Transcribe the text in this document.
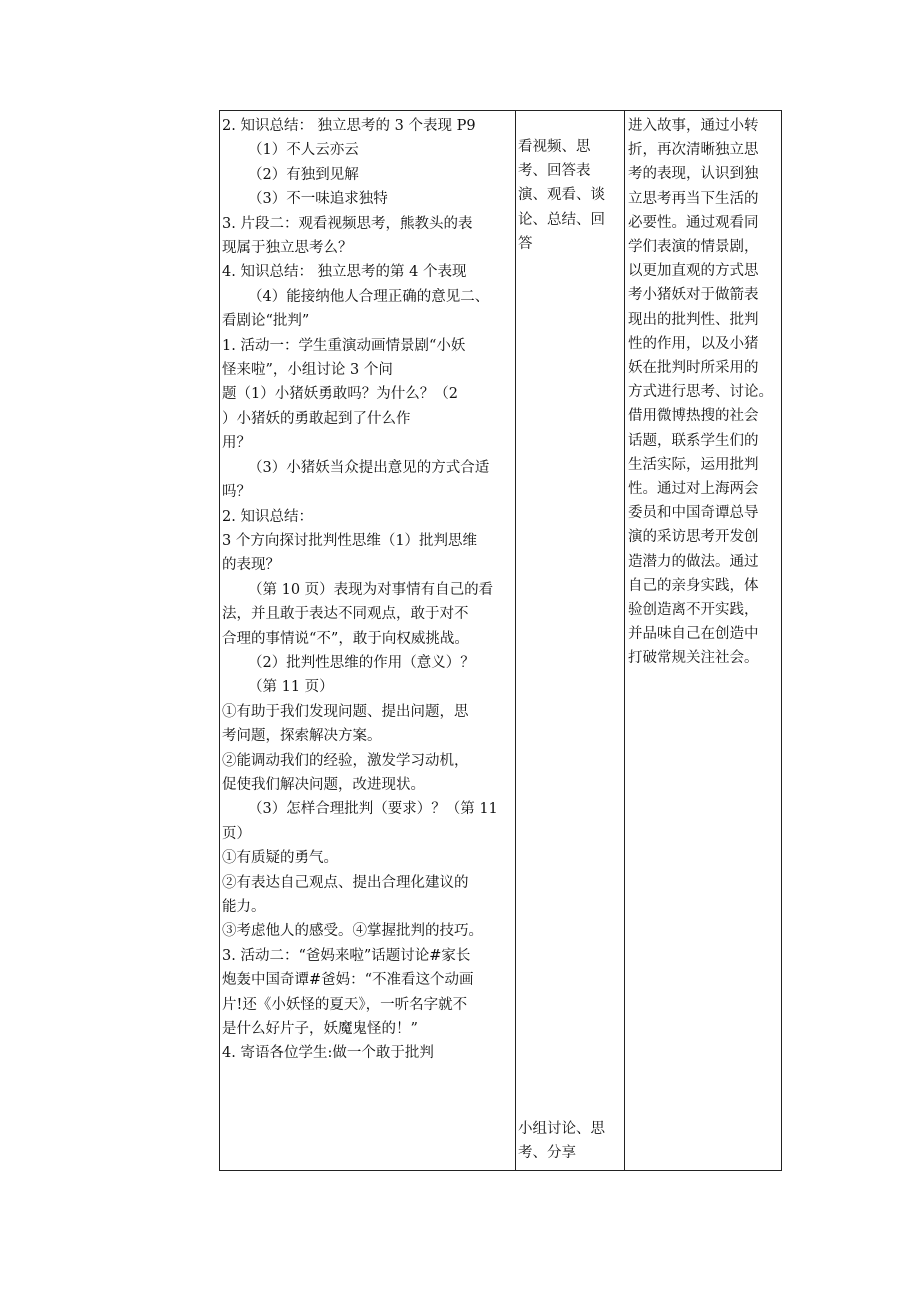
2. 知识总结： 独立思考的 3 个表现 P9
（1）不人云亦云
（2）有独到见解
（3）不一味追求独特
3. 片段二：观看视频思考，熊教头的表
现属于独立思考么？
4. 知识总结： 独立思考的第 4 个表现
（4）能接纳他人合理正确的意见二、
看剧论“批判”
1. 活动一：学生重演动画情景剧“小妖
怪来啦”，小组讨论 3 个问
题（1）小猪妖勇敢吗？为什么？（2
）小猪妖的勇敢起到了什么作
用？
（3）小猪妖当众提出意见的方式合适
吗？
2. 知识总结：
3 个方向探讨批判性思维（1）批判思维
的表现？
（第 10 页）表现为对事情有自己的看
法，并且敢于表达不同观点，敢于对不
合理的事情说“不”，敢于向权威挑战。
（2）批判性思维的作用（意义）？
（第 11 页）
①有助于我们发现问题、提出问题，思
考问题，探索解决方案。
②能调动我们的经验，激发学习动机，
促使我们解决问题，改进现状。
（3）怎样合理批判（要求）？（第 11
页）
①有质疑的勇气。
②有表达自己观点、提出合理化建议的
能力。
③考虑他人的感受。④掌握批判的技巧。
3. 活动二：“爸妈来啦”话题讨论#家长
炮轰中国奇谭#爸妈：“不准看这个动画
片!还《小妖怪的夏天》，一听名字就不
是什么好片子，妖魔鬼怪的！”
4. 寄语各位学生:做一个敢于批判
看视频、思
考、回答表
演、观看、谈
论、总结、回
答
小组讨论、思
考、分享
进入故事，通过小转
折，再次清晰独立思
考的表现，认识到独
立思考再当下生活的
必要性。通过观看同
学们表演的情景剧，
以更加直观的方式思
考小猪妖对于做箭表
现出的批判性、批判
性的作用，以及小猪
妖在批判时所采用的
方式进行思考、讨论。
借用微博热搜的社会
话题，联系学生们的
生活实际，运用批判
性。通过对上海两会
委员和中国奇谭总导
演的采访思考开发创
造潜力的做法。通过
自己的亲身实践，体
验创造离不开实践，
并品味自己在创造中
打破常规关注社会。
